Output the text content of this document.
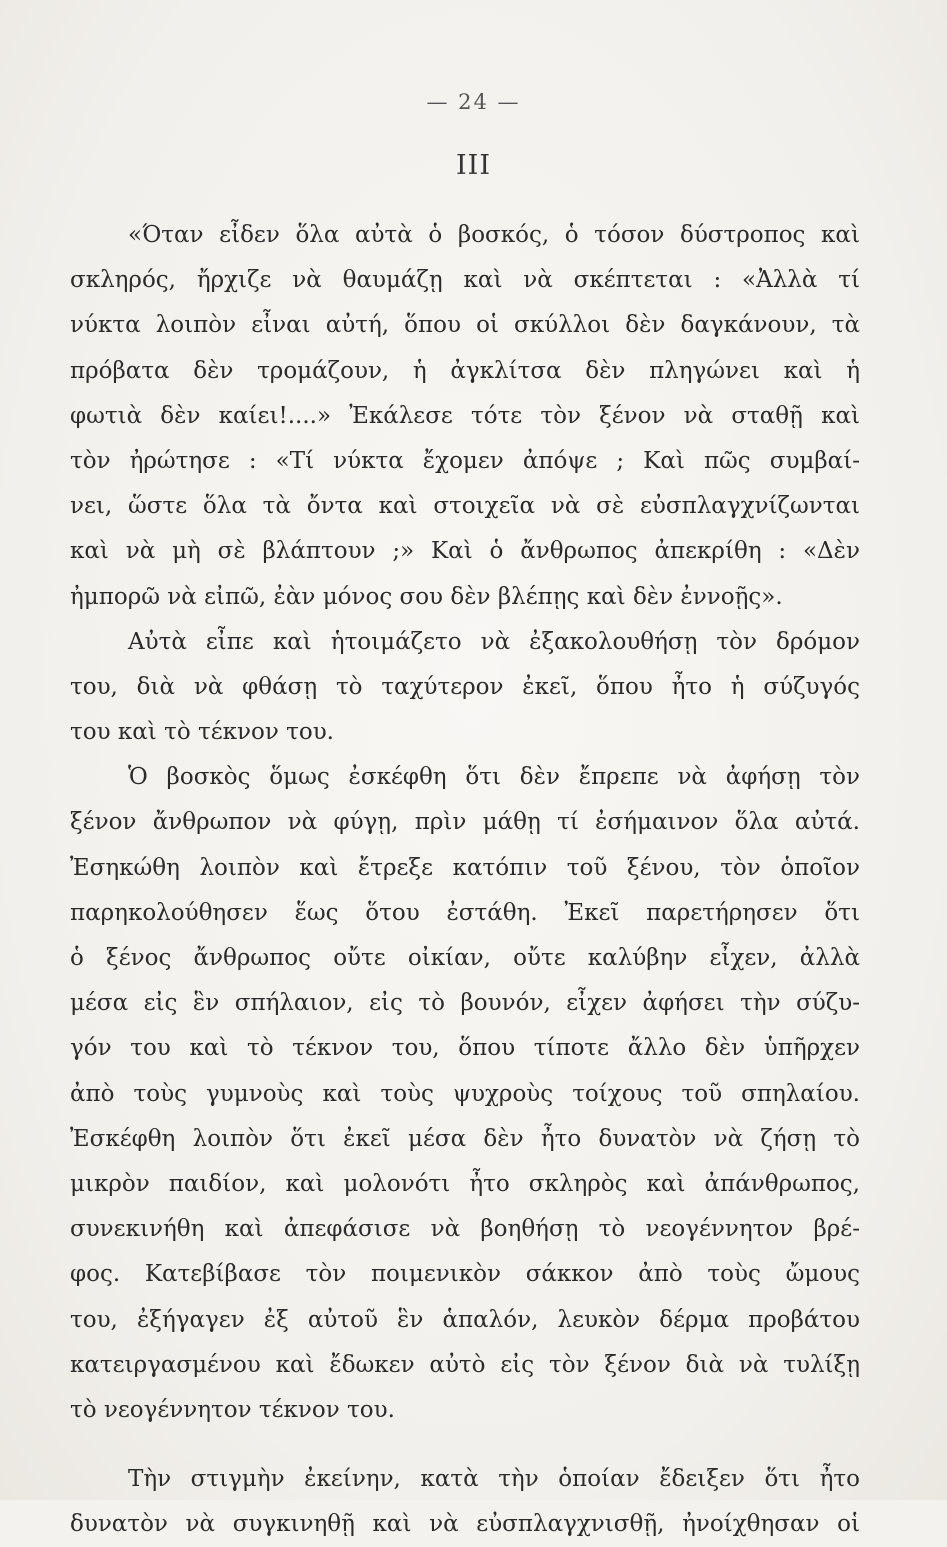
— 24 —
III
«Όταν εἶδεν ὅλα αὐτὰ ὁ βοσκός, ὁ τόσον δύστροπος καὶ
σκληρός, ἤρχιζε νὰ θαυμάζῃ καὶ νὰ σκέπτεται : «Ἀλλὰ τί
νύκτα λοιπὸν εἶναι αὐτή, ὅπου οἱ σκύλλοι δὲν δαγκάνουν, τὰ
πρόβατα δὲν τρομάζουν, ἡ ἀγκλίτσα δὲν πληγώνει καὶ ἡ
φωτιὰ δὲν καίει!....» Ἐκάλεσε τότε τὸν ξένον νὰ σταθῇ καὶ
τὸν ἠρώτησε : «Τί νύκτα ἔχομεν ἀπόψε ; Καὶ πῶς συμβαί-
νει, ὥστε ὅλα τὰ ὄντα καὶ στοιχεῖα νὰ σὲ εὐσπλαγχνίζωνται
καὶ νὰ μὴ σὲ βλάπτουν ;» Καὶ ὁ ἄνθρωπος ἀπεκρίθη : «Δὲν
ἠμπορῶ νὰ εἰπῶ, ἐὰν μόνος σου δὲν βλέπῃς καὶ δὲν ἐννοῇς».
Αὐτὰ εἶπε καὶ ἡτοιμάζετο νὰ ἐξακολουθήσῃ τὸν δρόμον
του, διὰ νὰ φθάσῃ τὸ ταχύτερον ἐκεῖ, ὅπου ἦτο ἡ σύζυγός
του καὶ τὸ τέκνον του.
Ὁ βοσκὸς ὅμως ἐσκέφθη ὅτι δὲν ἔπρεπε νὰ ἀφήσῃ τὸν
ξένον ἄνθρωπον νὰ φύγῃ, πρὶν μάθῃ τί ἐσήμαινον ὅλα αὐτά.
Ἐσηκώθη λοιπὸν καὶ ἔτρεξε κατόπιν τοῦ ξένου, τὸν ὁποῖον
παρηκολούθησεν ἕως ὅτου ἐστάθη. Ἐκεῖ παρετήρησεν ὅτι
ὁ ξένος ἄνθρωπος οὔτε οἰκίαν, οὔτε καλύβην εἶχεν, ἀλλὰ
μέσα εἰς ἓν σπήλαιον, εἰς τὸ βουνόν, εἶχεν ἀφήσει τὴν σύζυ-
γόν του καὶ τὸ τέκνον του, ὅπου τίποτε ἄλλο δὲν ὑπῆρχεν
ἀπὸ τοὺς γυμνοὺς καὶ τοὺς ψυχροὺς τοίχους τοῦ σπηλαίου.
Ἐσκέφθη λοιπὸν ὅτι ἐκεῖ μέσα δὲν ἦτο δυνατὸν νὰ ζήσῃ τὸ
μικρὸν παιδίον, καὶ μολονότι ἦτο σκληρὸς καὶ ἀπάνθρωπος,
συνεκινήθη καὶ ἀπεφάσισε νὰ βοηθήσῃ τὸ νεογέννητον βρέ-
φος. Κατεβίβασε τὸν ποιμενικὸν σάκκον ἀπὸ τοὺς ὤμους
του, ἐξήγαγεν ἐξ αὐτοῦ ἓν ἁπαλόν, λευκὸν δέρμα προβάτου
κατειργασμένου καὶ ἔδωκεν αὐτὸ εἰς τὸν ξένον διὰ νὰ τυλίξῃ
τὸ νεογέννητον τέκνον του.
Τὴν στιγμὴν ἐκείνην, κατὰ τὴν ὁποίαν ἔδειξεν ὅτι ἦτο
δυνατὸν νὰ συγκινηθῇ καὶ νὰ εὐσπλαγχνισθῇ, ἠνοίχθησαν οἱ
